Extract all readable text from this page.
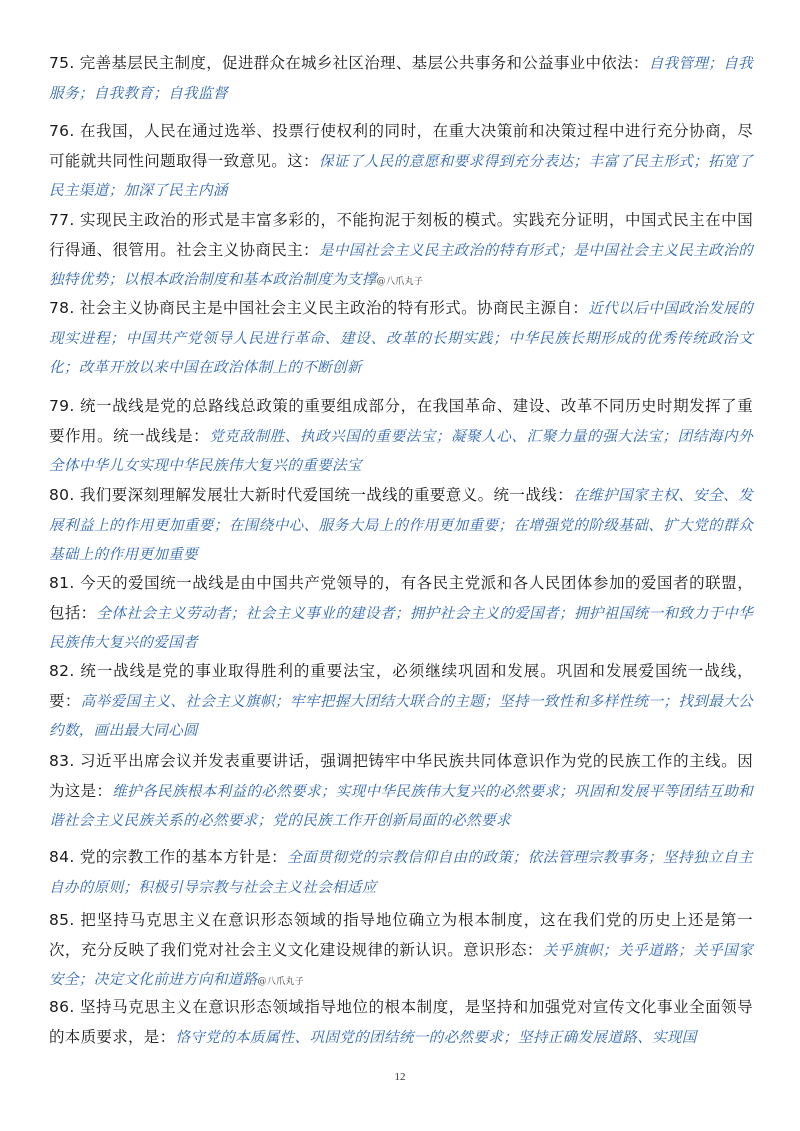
75. 完善基层民主制度，促进群众在城乡社区治理、基层公共事务和公益事业中依法：自我管理；自我服务；自我教育；自我监督
76. 在我国，人民在通过选举、投票行使权利的同时，在重大决策前和决策过程中进行充分协商，尽可能就共同性问题取得一致意见。这：保证了人民的意愿和要求得到充分表达；丰富了民主形式；拓宽了民主渠道；加深了民主内涵
77. 实现民主政治的形式是丰富多彩的，不能拘泥于刻板的模式。实践充分证明，中国式民主在中国行得通、很管用。社会主义协商民主：是中国社会主义民主政治的特有形式；是中国社会主义民主政治的独特优势；以根本政治制度和基本政治制度为支撑@八爪丸子
78. 社会主义协商民主是中国社会主义民主政治的特有形式。协商民主源自：近代以后中国政治发展的现实进程；中国共产党领导人民进行革命、建设、改革的长期实践；中华民族长期形成的优秀传统政治文化；改革开放以来中国在政治体制上的不断创新
79. 统一战线是党的总路线总政策的重要组成部分，在我国革命、建设、改革不同历史时期发挥了重要作用。统一战线是：党克敌制胜、执政兴国的重要法宝；凝聚人心、汇聚力量的强大法宝；团结海内外全体中华儿女实现中华民族伟大复兴的重要法宝
80. 我们要深刻理解发展壮大新时代爱国统一战线的重要意义。统一战线：在维护国家主权、安全、发展利益上的作用更加重要；在围绕中心、服务大局上的作用更加重要；在增强党的阶级基础、扩大党的群众基础上的作用更加重要
81. 今天的爱国统一战线是由中国共产党领导的，有各民主党派和各人民团体参加的爱国者的联盟，包括：全体社会主义劳动者；社会主义事业的建设者；拥护社会主义的爱国者；拥护祖国统一和致力于中华民族伟大复兴的爱国者
82. 统一战线是党的事业取得胜利的重要法宝，必须继续巩固和发展。巩固和发展爱国统一战线，要：高举爱国主义、社会主义旗帜；牢牢把握大团结大联合的主题；坚持一致性和多样性统一；找到最大公约数，画出最大同心圆
83. 习近平出席会议并发表重要讲话，强调把铸牢中华民族共同体意识作为党的民族工作的主线。因为这是：维护各民族根本利益的必然要求；实现中华民族伟大复兴的必然要求；巩固和发展平等团结互助和谐社会主义民族关系的必然要求；党的民族工作开创新局面的必然要求
84. 党的宗教工作的基本方针是：全面贯彻党的宗教信仰自由的政策；依法管理宗教事务；坚持独立自主自办的原则；积极引导宗教与社会主义社会相适应
85. 把坚持马克思主义在意识形态领域的指导地位确立为根本制度，这在我们党的历史上还是第一次，充分反映了我们党对社会主义文化建设规律的新认识。意识形态：关乎旗帜；关乎道路；关乎国家安全；决定文化前进方向和道路@八爪丸子
86. 坚持马克思主义在意识形态领域指导地位的根本制度，是坚持和加强党对宣传文化事业全面领导的本质要求，是：恪守党的本质属性、巩固党的团结统一的必然要求；坚持正确发展道路、实现国
12
